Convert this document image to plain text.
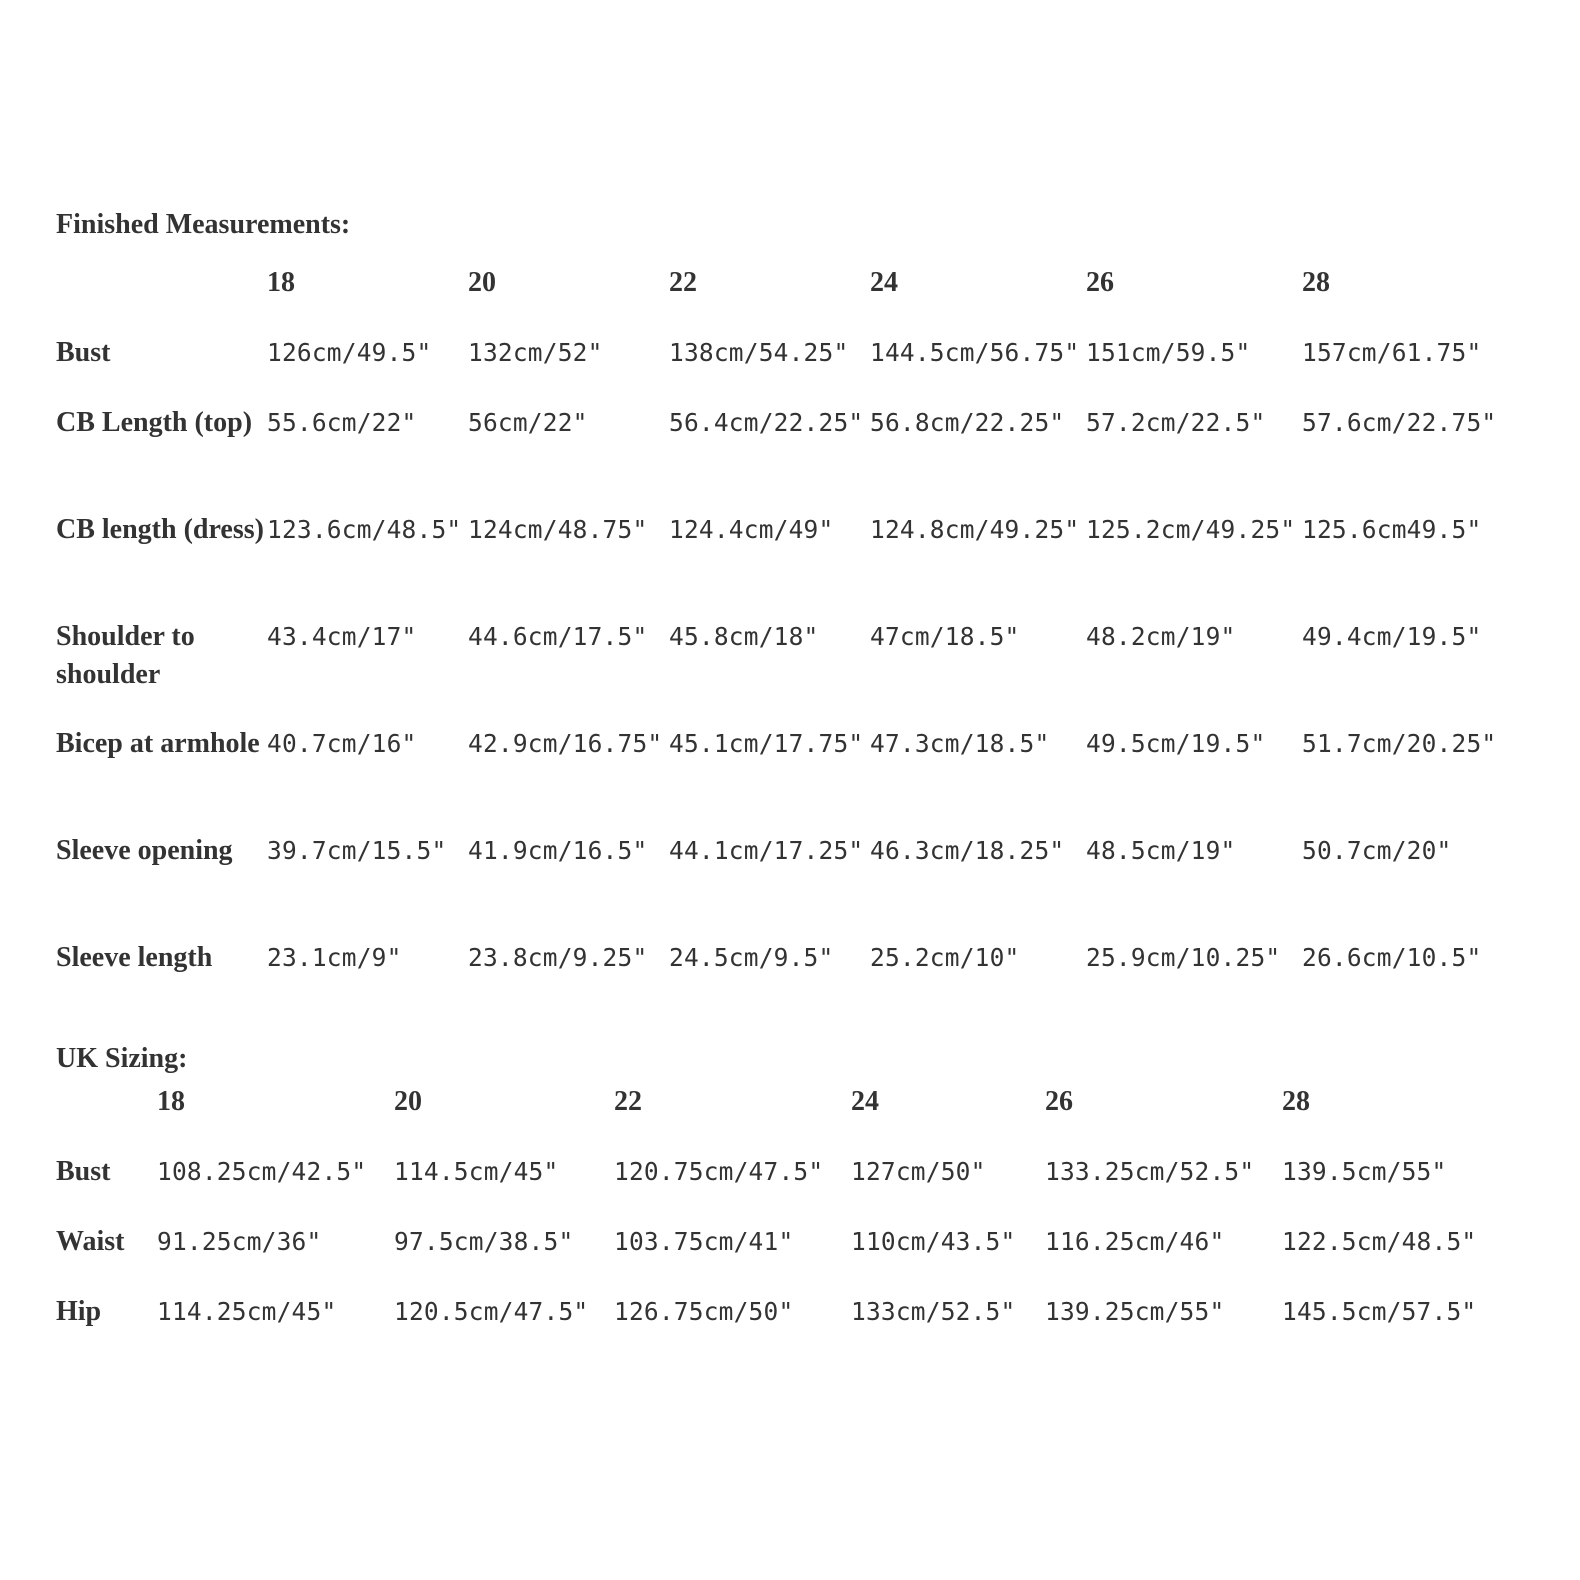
Finished Measurements:
	18	20	22	24	26	28
Bust	126cm/49.5"	132cm/52"	138cm/54.25"	144.5cm/56.75"	151cm/59.5"	157cm/61.75"
CB Length (top)	55.6cm/22"	56cm/22"	56.4cm/22.25"	56.8cm/22.25"	57.2cm/22.5"	57.6cm/22.75"
CB length (dress)	123.6cm/48.5"	124cm/48.75"	124.4cm/49"	124.8cm/49.25"	125.2cm/49.25"	125.6cm49.5"
Shoulder to shoulder	43.4cm/17"	44.6cm/17.5"	45.8cm/18"	47cm/18.5"	48.2cm/19"	49.4cm/19.5"
Bicep at armhole	40.7cm/16"	42.9cm/16.75"	45.1cm/17.75"	47.3cm/18.5"	49.5cm/19.5"	51.7cm/20.25"
Sleeve opening	39.7cm/15.5"	41.9cm/16.5"	44.1cm/17.25"	46.3cm/18.25"	48.5cm/19"	50.7cm/20"
Sleeve length	23.1cm/9"	23.8cm/9.25"	24.5cm/9.5"	25.2cm/10"	25.9cm/10.25"	26.6cm/10.5"
UK Sizing:
	18	20	22	24	26	28
Bust	108.25cm/42.5"	114.5cm/45"	120.75cm/47.5"	127cm/50"	133.25cm/52.5"	139.5cm/55"
Waist	91.25cm/36"	97.5cm/38.5"	103.75cm/41"	110cm/43.5"	116.25cm/46"	122.5cm/48.5"
Hip	114.25cm/45"	120.5cm/47.5"	126.75cm/50"	133cm/52.5"	139.25cm/55"	145.5cm/57.5"
